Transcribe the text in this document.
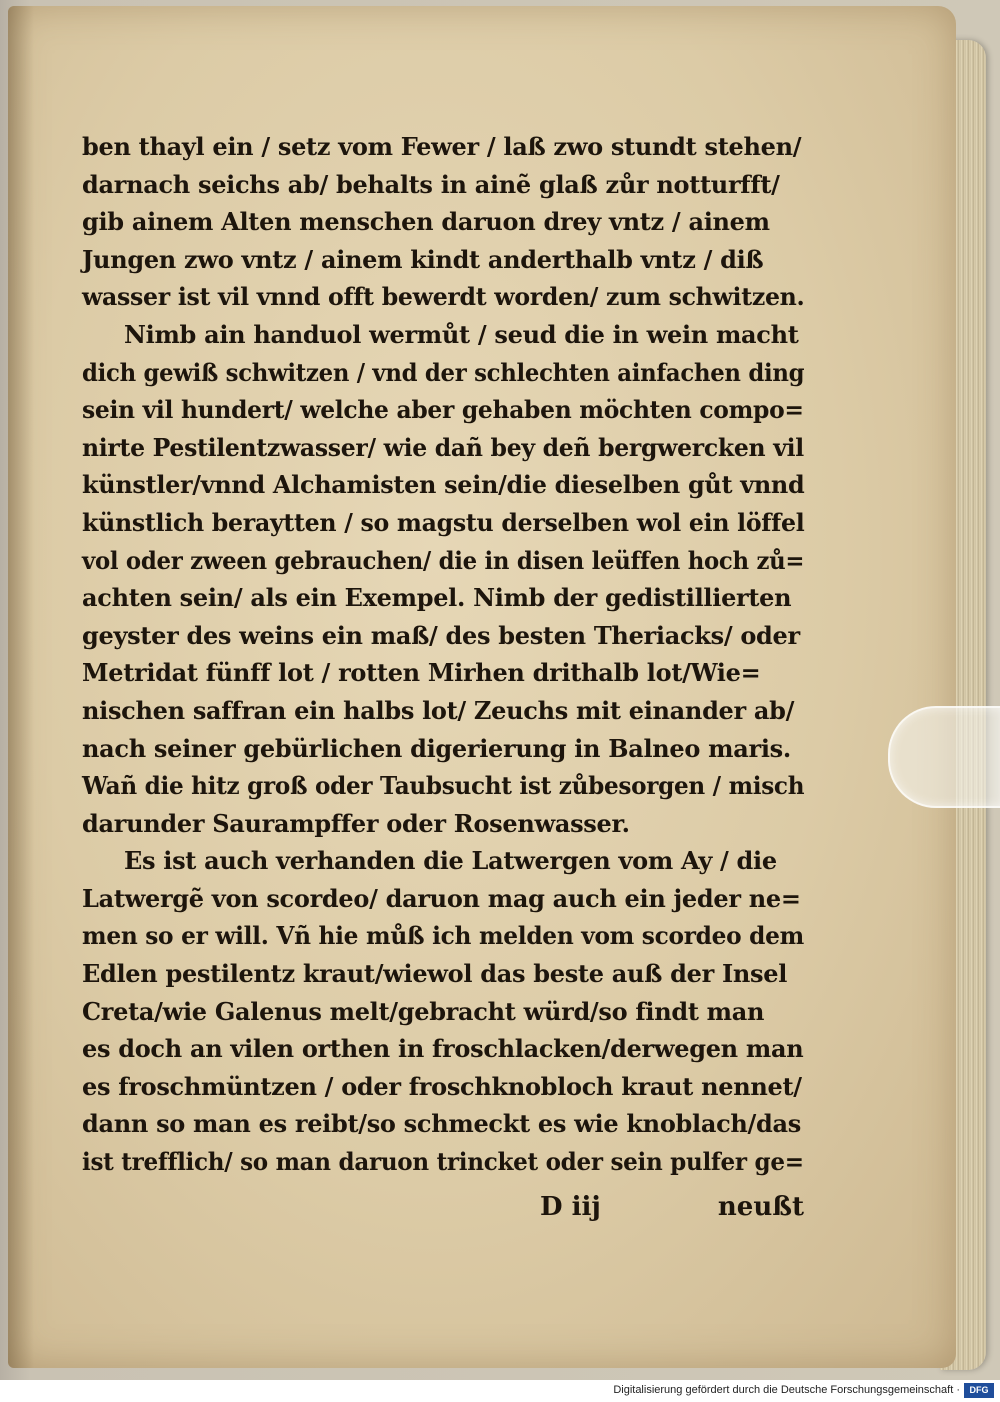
ben thayl ein / setz vom Fewer / laß zwo stundt stehen/
darnach seichs ab/ behalts in ainẽ glaß zůr notturfft/
gib ainem Alten menschen daruon drey vntz / ainem
Jungen zwo vntz / ainem kindt anderthalb vntz / diß
wasser ist vil vnnd offt bewerdt worden/ zum schwitzen.
Nimb ain handuol wermůt / seud die in wein macht
dich gewiß schwitzen / vnd der schlechten ainfachen ding
sein vil hundert/ welche aber gehaben möchten compo=
nirte Pestilentzwasser/ wie dañ bey deñ bergwercken vil
künstler/vnnd Alchamisten sein/die dieselben gůt vnnd
künstlich beraytten / so magstu derselben wol ein löffel
vol oder zween gebrauchen/ die in disen leüffen hoch zů=
achten sein/ als ein Exempel. Nimb der gedistillierten
geyster des weins ein maß/ des besten Theriacks/ oder
Metridat fünff lot / rotten Mirhen drithalb lot/Wie=
nischen saffran ein halbs lot/ Zeuchs mit einander ab/
nach seiner gebürlichen digerierung in Balneo maris.
Wañ die hitz groß oder Taubsucht ist zůbesorgen / misch
darunder Saurampffer oder Rosenwasser.
Es ist auch verhanden die Latwergen vom Ay / die
Latwergẽ von scordeo/ daruon mag auch ein jeder ne=
men so er will. Vñ hie můß ich melden vom scordeo dem
Edlen pestilentz kraut/wiewol das beste auß der Insel
Creta/wie Galenus melt/gebracht würd/so findt man
es doch an vilen orthen in froschlacken/derwegen man
es froschmüntzen / oder froschknobloch kraut nennet/
dann so man es reibt/so schmeckt es wie knoblach/das
ist trefflich/ so man daruon trincket oder sein pulfer ge=
D iij	neußt
Digitalisierung gefördert durch die Deutsche Forschungsgemeinschaft ·	DFG
